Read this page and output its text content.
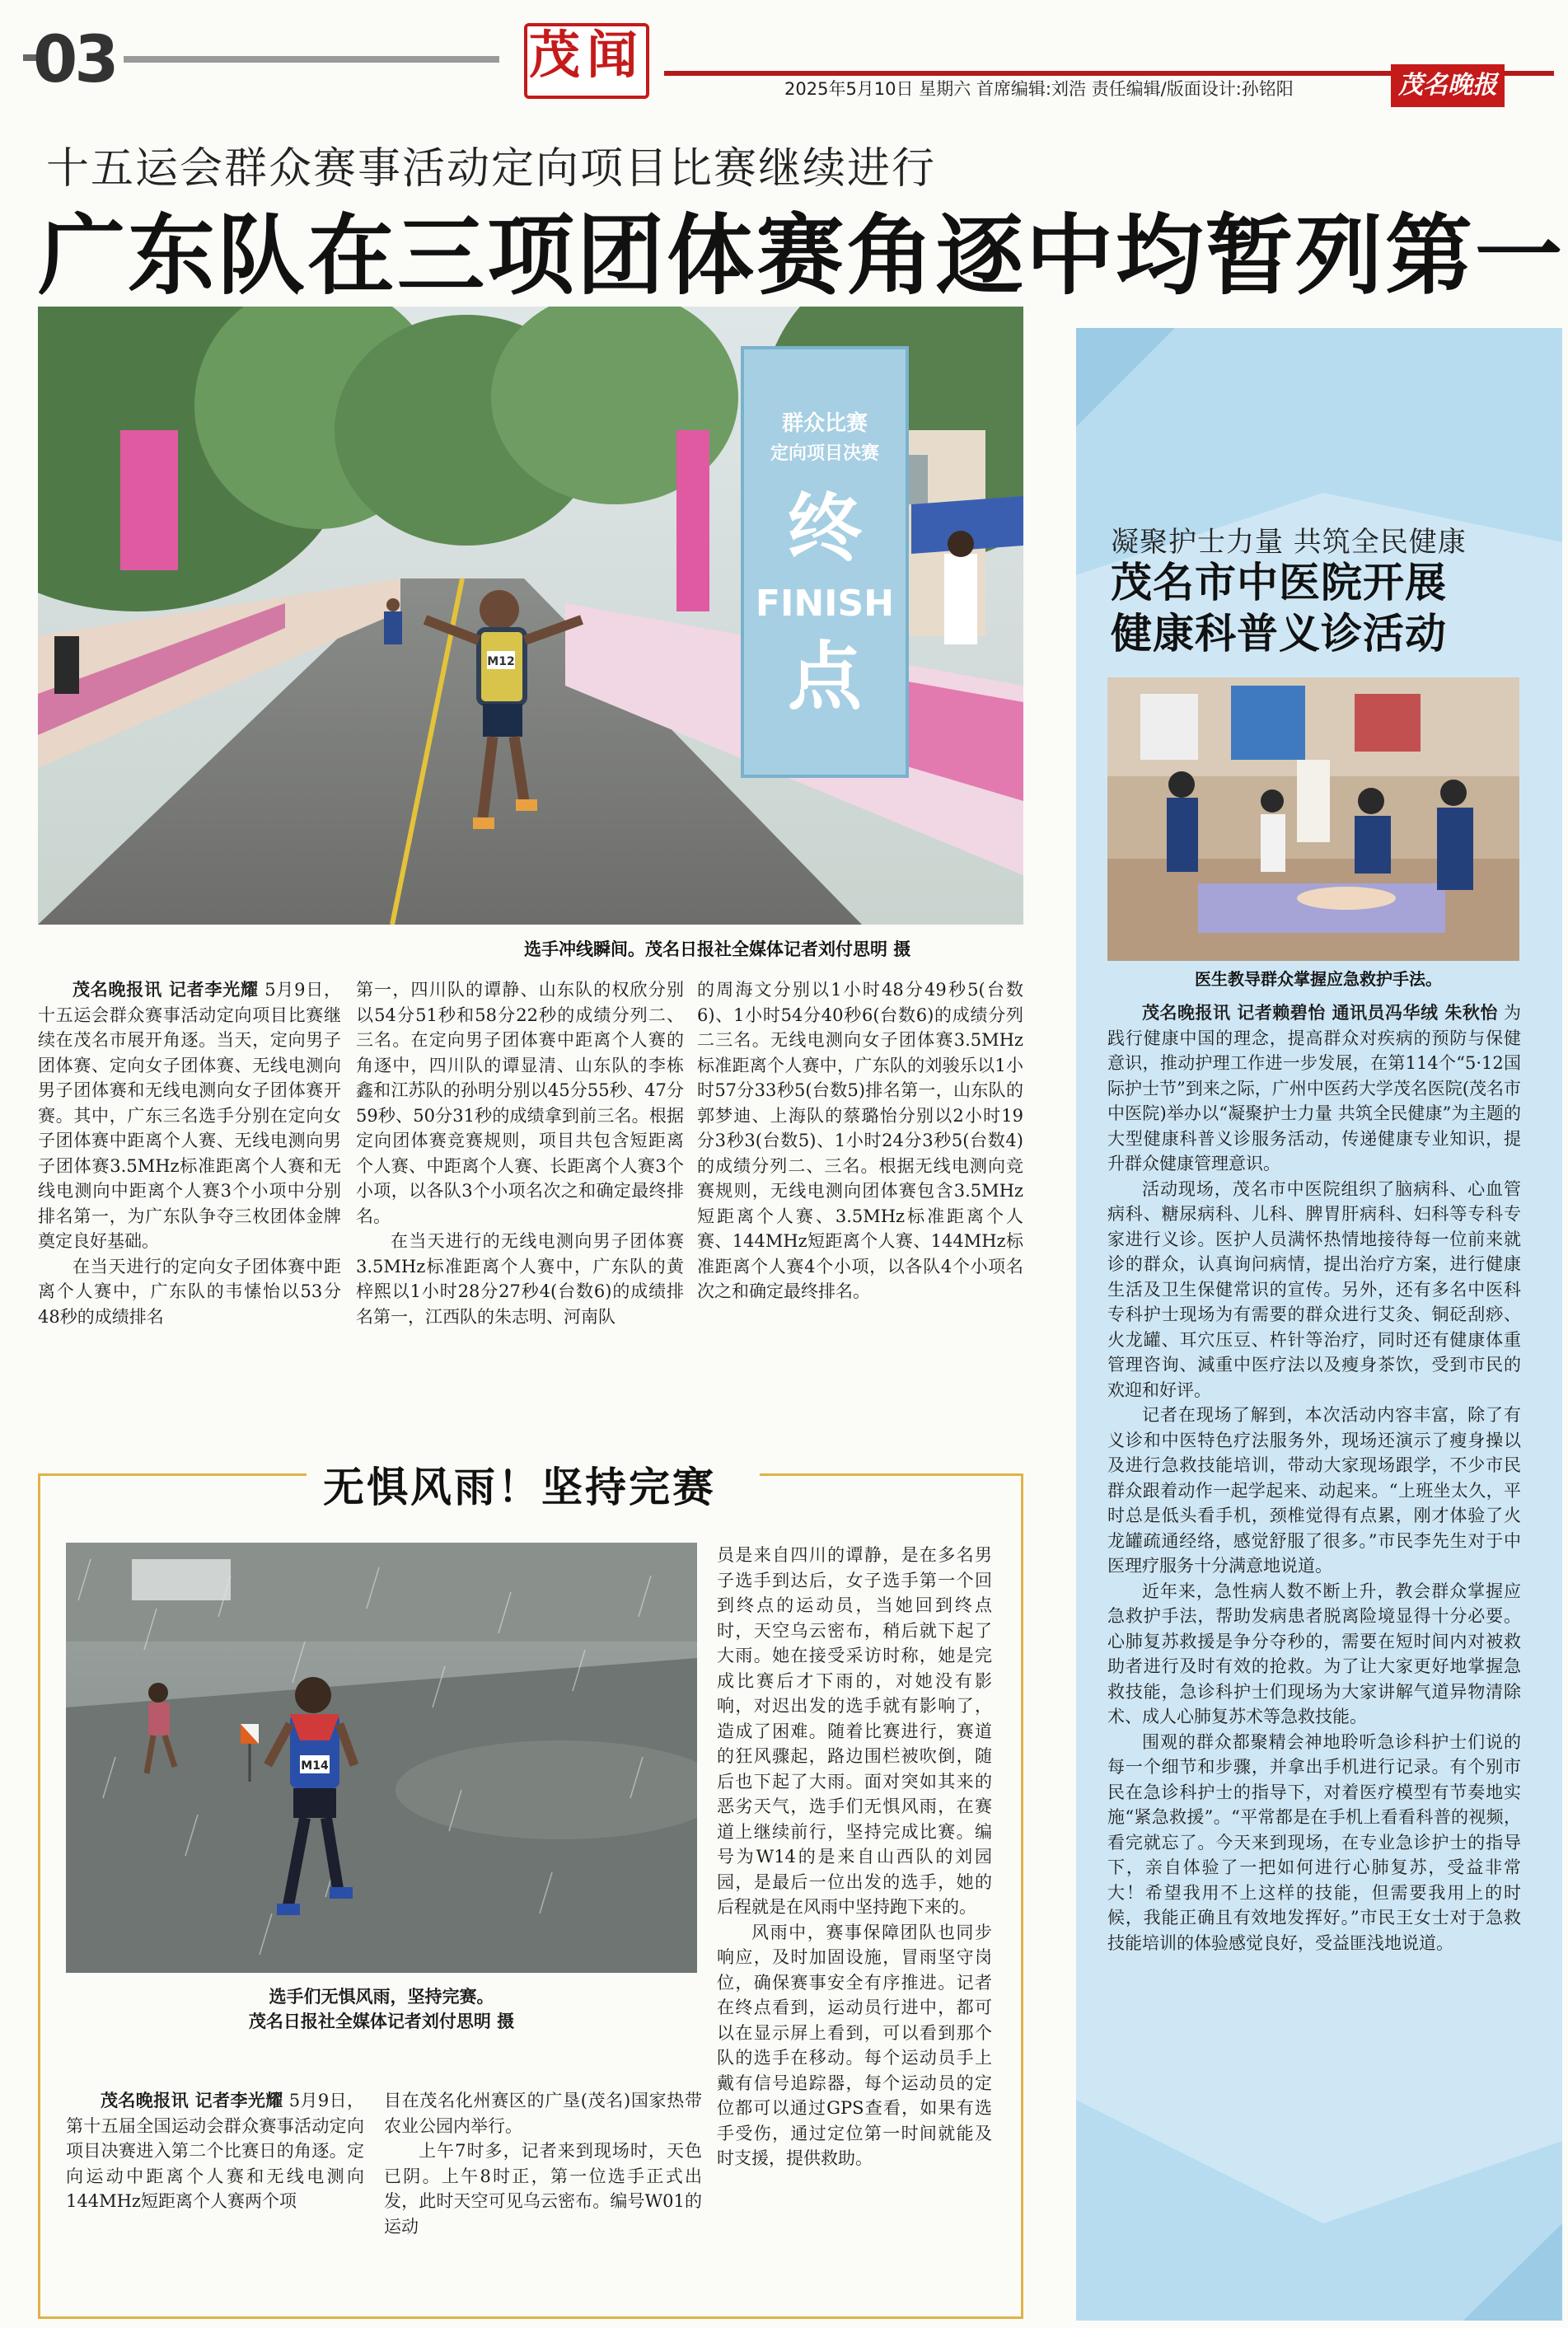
03	茂 闻
2025年5月10日 星期六 首席编辑:刘浩 责任编辑/版面设计:孙铭阳	茂名晚报
十五运会群众赛事活动定向项目比赛继续进行
广东队在三项团体赛角逐中均暂列第一
群众比赛
定向项目决赛
终
FINISH
点
M12
选手冲线瞬间。茂名日报社全媒体记者刘付思明 摄

茂名晚报讯 记者李光耀 5月9日，十五运会群众赛事活动定向项目比赛继续在茂名市展开角逐。当天，定向男子团体赛、定向女子团体赛、无线电测向男子团体赛和无线电测向女子团体赛开赛。其中，广东三名选手分别在定向女子团体赛中距离个人赛、无线电测向男子团体赛3.5MHz标准距离个人赛和无线电测向中距离个人赛3个小项中分别排名第一，为广东队争夺三枚团体金牌奠定良好基础。

在当天进行的定向女子团体赛中距离个人赛中，广东队的韦愫怡以53分48秒的成绩排名

第一，四川队的谭静、山东队的权欣分别以54分51秒和58分22秒的成绩分列二、三名。在定向男子团体赛中距离个人赛的角逐中，四川队的谭显清、山东队的李栋鑫和江苏队的孙明分别以45分55秒、47分59秒、50分31秒的成绩拿到前三名。根据定向团体赛竞赛规则，项目共包含短距离个人赛、中距离个人赛、长距离个人赛3个小项，以各队3个小项名次之和确定最终排名。

在当天进行的无线电测向男子团体赛3.5MHz标准距离个人赛中，广东队的黄梓熙以1小时28分27秒4(台数6)的成绩排名第一，江西队的朱志明、河南队

的周海文分别以1小时48分49秒5(台数6)、1小时54分40秒6(台数6)的成绩分列二三名。无线电测向女子团体赛3.5MHz标准距离个人赛中，广东队的刘骏乐以1小时57分33秒5(台数5)排名第一，山东队的郭梦迪、上海队的蔡璐怡分别以2小时19分3秒3(台数5)、1小时24分3秒5(台数4)的成绩分列二、三名。根据无线电测向竞赛规则，无线电测向团体赛包含3.5MHz短距离个人赛、3.5MHz标准距离个人赛、144MHz短距离个人赛、144MHz标准距离个人赛4个小项，以各队4个小项名次之和确定最终排名。

无惧风雨！坚持完赛
M14
选手们无惧风雨，坚持完赛。
茂名日报社全媒体记者刘付思明 摄

茂名晚报讯 记者李光耀 5月9日，第十五届全国运动会群众赛事活动定向项目决赛进入第二个比赛日的角逐。定向运动中距离个人赛和无线电测向144MHz短距离个人赛两个项

目在茂名化州赛区的广垦(茂名)国家热带农业公园内举行。

上午7时多，记者来到现场时，天色已阴。上午8时正，第一位选手正式出发，此时天空可见乌云密布。编号W01的运动

员是来自四川的谭静，是在多名男子选手到达后，女子选手第一个回到终点的运动员，当她回到终点时，天空乌云密布，稍后就下起了大雨。她在接受采访时称，她是完成比赛后才下雨的，对她没有影响，对迟出发的选手就有影响了，造成了困难。随着比赛进行，赛道的狂风骤起，路边围栏被吹倒，随后也下起了大雨。面对突如其来的恶劣天气，选手们无惧风雨，在赛道上继续前行，坚持完成比赛。编号为W14的是来自山西队的刘园园，是最后一位出发的选手，她的后程就是在风雨中坚持跑下来的。

风雨中，赛事保障团队也同步响应，及时加固设施，冒雨坚守岗位，确保赛事安全有序推进。记者在终点看到，运动员行进中，都可以在显示屏上看到，可以看到那个队的选手在移动。每个运动员手上戴有信号追踪器，每个运动员的定位都可以通过GPS查看，如果有选手受伤，通过定位第一时间就能及时支援，提供救助。

凝聚护士力量 共筑全民健康
茂名市中医院开展
健康科普义诊活动
医生教导群众掌握应急救护手法。

茂名晚报讯 记者赖碧怡 通讯员冯华绒 朱秋怡 为践行健康中国的理念，提高群众对疾病的预防与保健意识，推动护理工作进一步发展，在第114个“5·12国际护士节”到来之际，广州中医药大学茂名医院(茂名市中医院)举办以“凝聚护士力量 共筑全民健康”为主题的大型健康科普义诊服务活动，传递健康专业知识，提升群众健康管理意识。

活动现场，茂名市中医院组织了脑病科、心血管病科、糖尿病科、儿科、脾胃肝病科、妇科等专科专家进行义诊。医护人员满怀热情地接待每一位前来就诊的群众，认真询问病情，提出治疗方案，进行健康生活及卫生保健常识的宣传。另外，还有多名中医科专科护士现场为有需要的群众进行艾灸、铜砭刮痧、火龙罐、耳穴压豆、杵针等治疗，同时还有健康体重管理咨询、減重中医疗法以及瘦身茶饮，受到市民的欢迎和好评。

记者在现场了解到，本次活动内容丰富，除了有义诊和中医特色疗法服务外，现场还演示了瘦身操以及进行急救技能培训，带动大家现场跟学，不少市民群众跟着动作一起学起来、动起来。“上班坐太久，平时总是低头看手机，颈椎觉得有点累，刚才体验了火龙罐疏通经络，感觉舒服了很多。”市民李先生对于中医理疗服务十分满意地说道。

近年来，急性病人数不断上升，教会群众掌握应急救护手法，帮助发病患者脱离险境显得十分必要。心肺复苏救援是争分夺秒的，需要在短时间内对被救助者进行及时有效的抢救。为了让大家更好地掌握急救技能，急诊科护士们现场为大家讲解气道异物清除术、成人心肺复苏术等急救技能。

围观的群众都聚精会神地聆听急诊科护士们说的每一个细节和步骤，并拿出手机进行记录。有个别市民在急诊科护士的指导下，对着医疗模型有节奏地实施“紧急救援”。“平常都是在手机上看看科普的视频，看完就忘了。今天来到现场，在专业急诊护士的指导下，亲自体验了一把如何进行心肺复苏，受益非常大！希望我用不上这样的技能，但需要我用上的时候，我能正确且有效地发挥好。”市民王女士对于急救技能培训的体验感觉良好，受益匪浅地说道。
